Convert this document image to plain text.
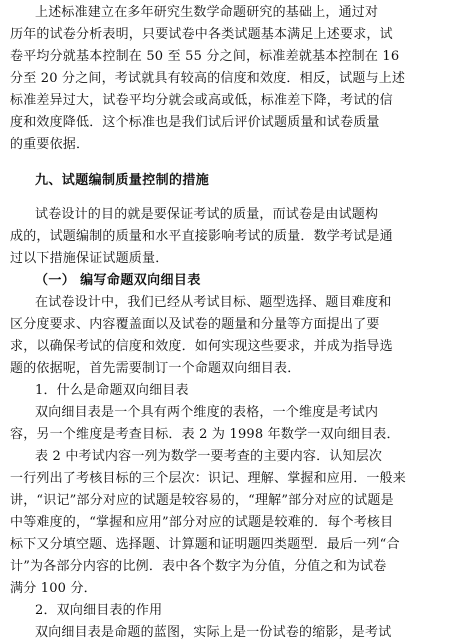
上述标准建立在多年研究生数学命题研究的基础上，通过对
历年的试卷分析表明，只要试卷中各类试题基本满足上述要求，试
卷平均分就基本控制在 50 至 55 分之间，标准差就基本控制在 16
分至 20 分之间，考试就具有较高的信度和效度．相反，试题与上述
标准差异过大，试卷平均分就会或高或低，标准差下降，考试的信
度和效度降低．这个标准也是我们试后评价试题质量和试卷质量
的重要依据．
九、试题编制质量控制的措施
试卷设计的目的就是要保证考试的质量，而试卷是由试题构
成的，试题编制的质量和水平直接影响考试的质量．数学考试是通
过以下措施保证试题质量．
（一） 编写命题双向细目表
在试卷设计中，我们已经从考试目标、题型选择、题目难度和
区分度要求、内容覆盖面以及试卷的题量和分量等方面提出了要
求，以确保考试的信度和效度．如何实现这些要求，并成为指导选
题的依据呢，首先需要制订一个命题双向细目表．
1．什么是命题双向细目表
双向细目表是一个具有两个维度的表格，一个维度是考试内
容，另一个维度是考查目标．表 2 为 1998 年数学一双向细目表．
表 2 中考试内容一列为数学一要考查的主要内容．认知层次
一行列出了考核目标的三个层次：识记、理解、掌握和应用．一般来
讲，“识记”部分对应的试题是较容易的，“理解”部分对应的试题是
中等难度的，“掌握和应用”部分对应的试题是较难的．每个考核目
标下又分填空题、选择题、计算题和证明题四类题型．最后一列“合
计”为各部分内容的比例．表中各个数字为分值，分值之和为试卷
满分 100 分．
2．双向细目表的作用
双向细目表是命题的蓝图，实际上是一份试卷的缩影，是考试
